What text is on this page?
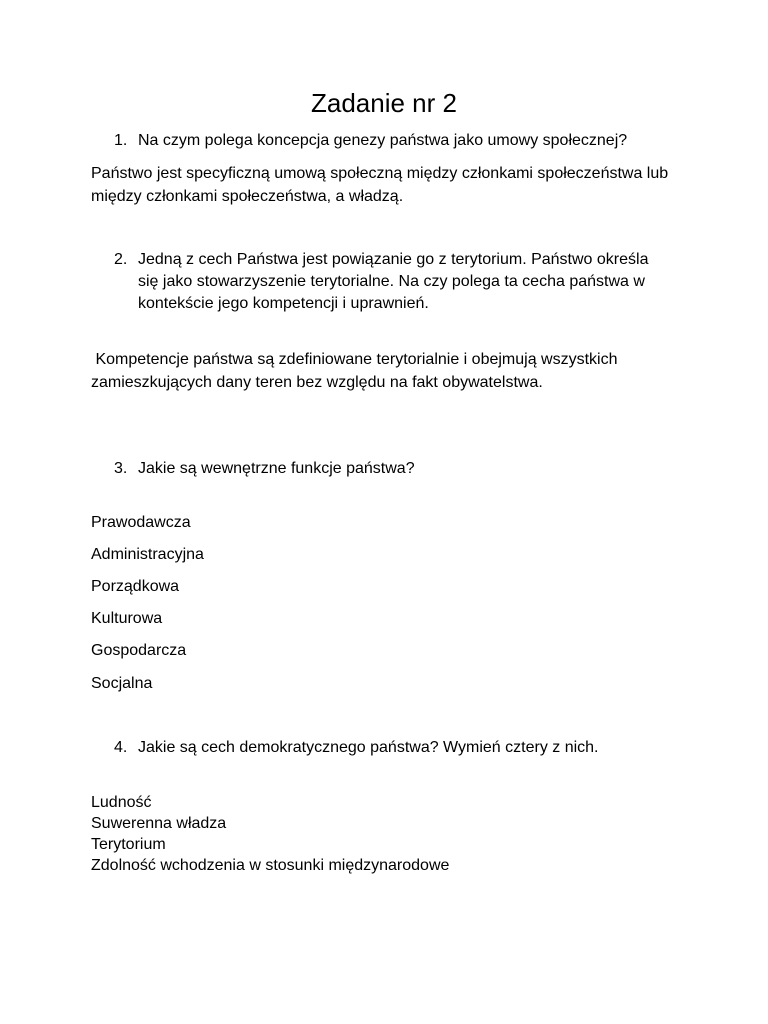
Zadanie nr 2
1. Na czym polega koncepcja genezy państwa jako umowy społecznej?

Państwo jest specyficzną umową społeczną między członkami społeczeństwa lub między członkami społeczeństwa, a władzą.

2. Jedną z cech Państwa jest powiązanie go z terytorium. Państwo określa się jako stowarzyszenie terytorialne. Na czy polega ta cecha państwa w kontekście jego kompetencji i uprawnień.

Kompetencje państwa są zdefiniowane terytorialnie i obejmują wszystkich zamieszkujących dany teren bez względu na fakt obywatelstwa.

3. Jakie są wewnętrzne funkcje państwa?

Prawodawcza

Administracyjna

Porządkowa

Kulturowa

Gospodarcza

Socjalna

4. Jakie są cech demokratycznego państwa? Wymień cztery z nich.

Ludność

Suwerenna władza

Terytorium

Zdolność wchodzenia w stosunki międzynarodowe
